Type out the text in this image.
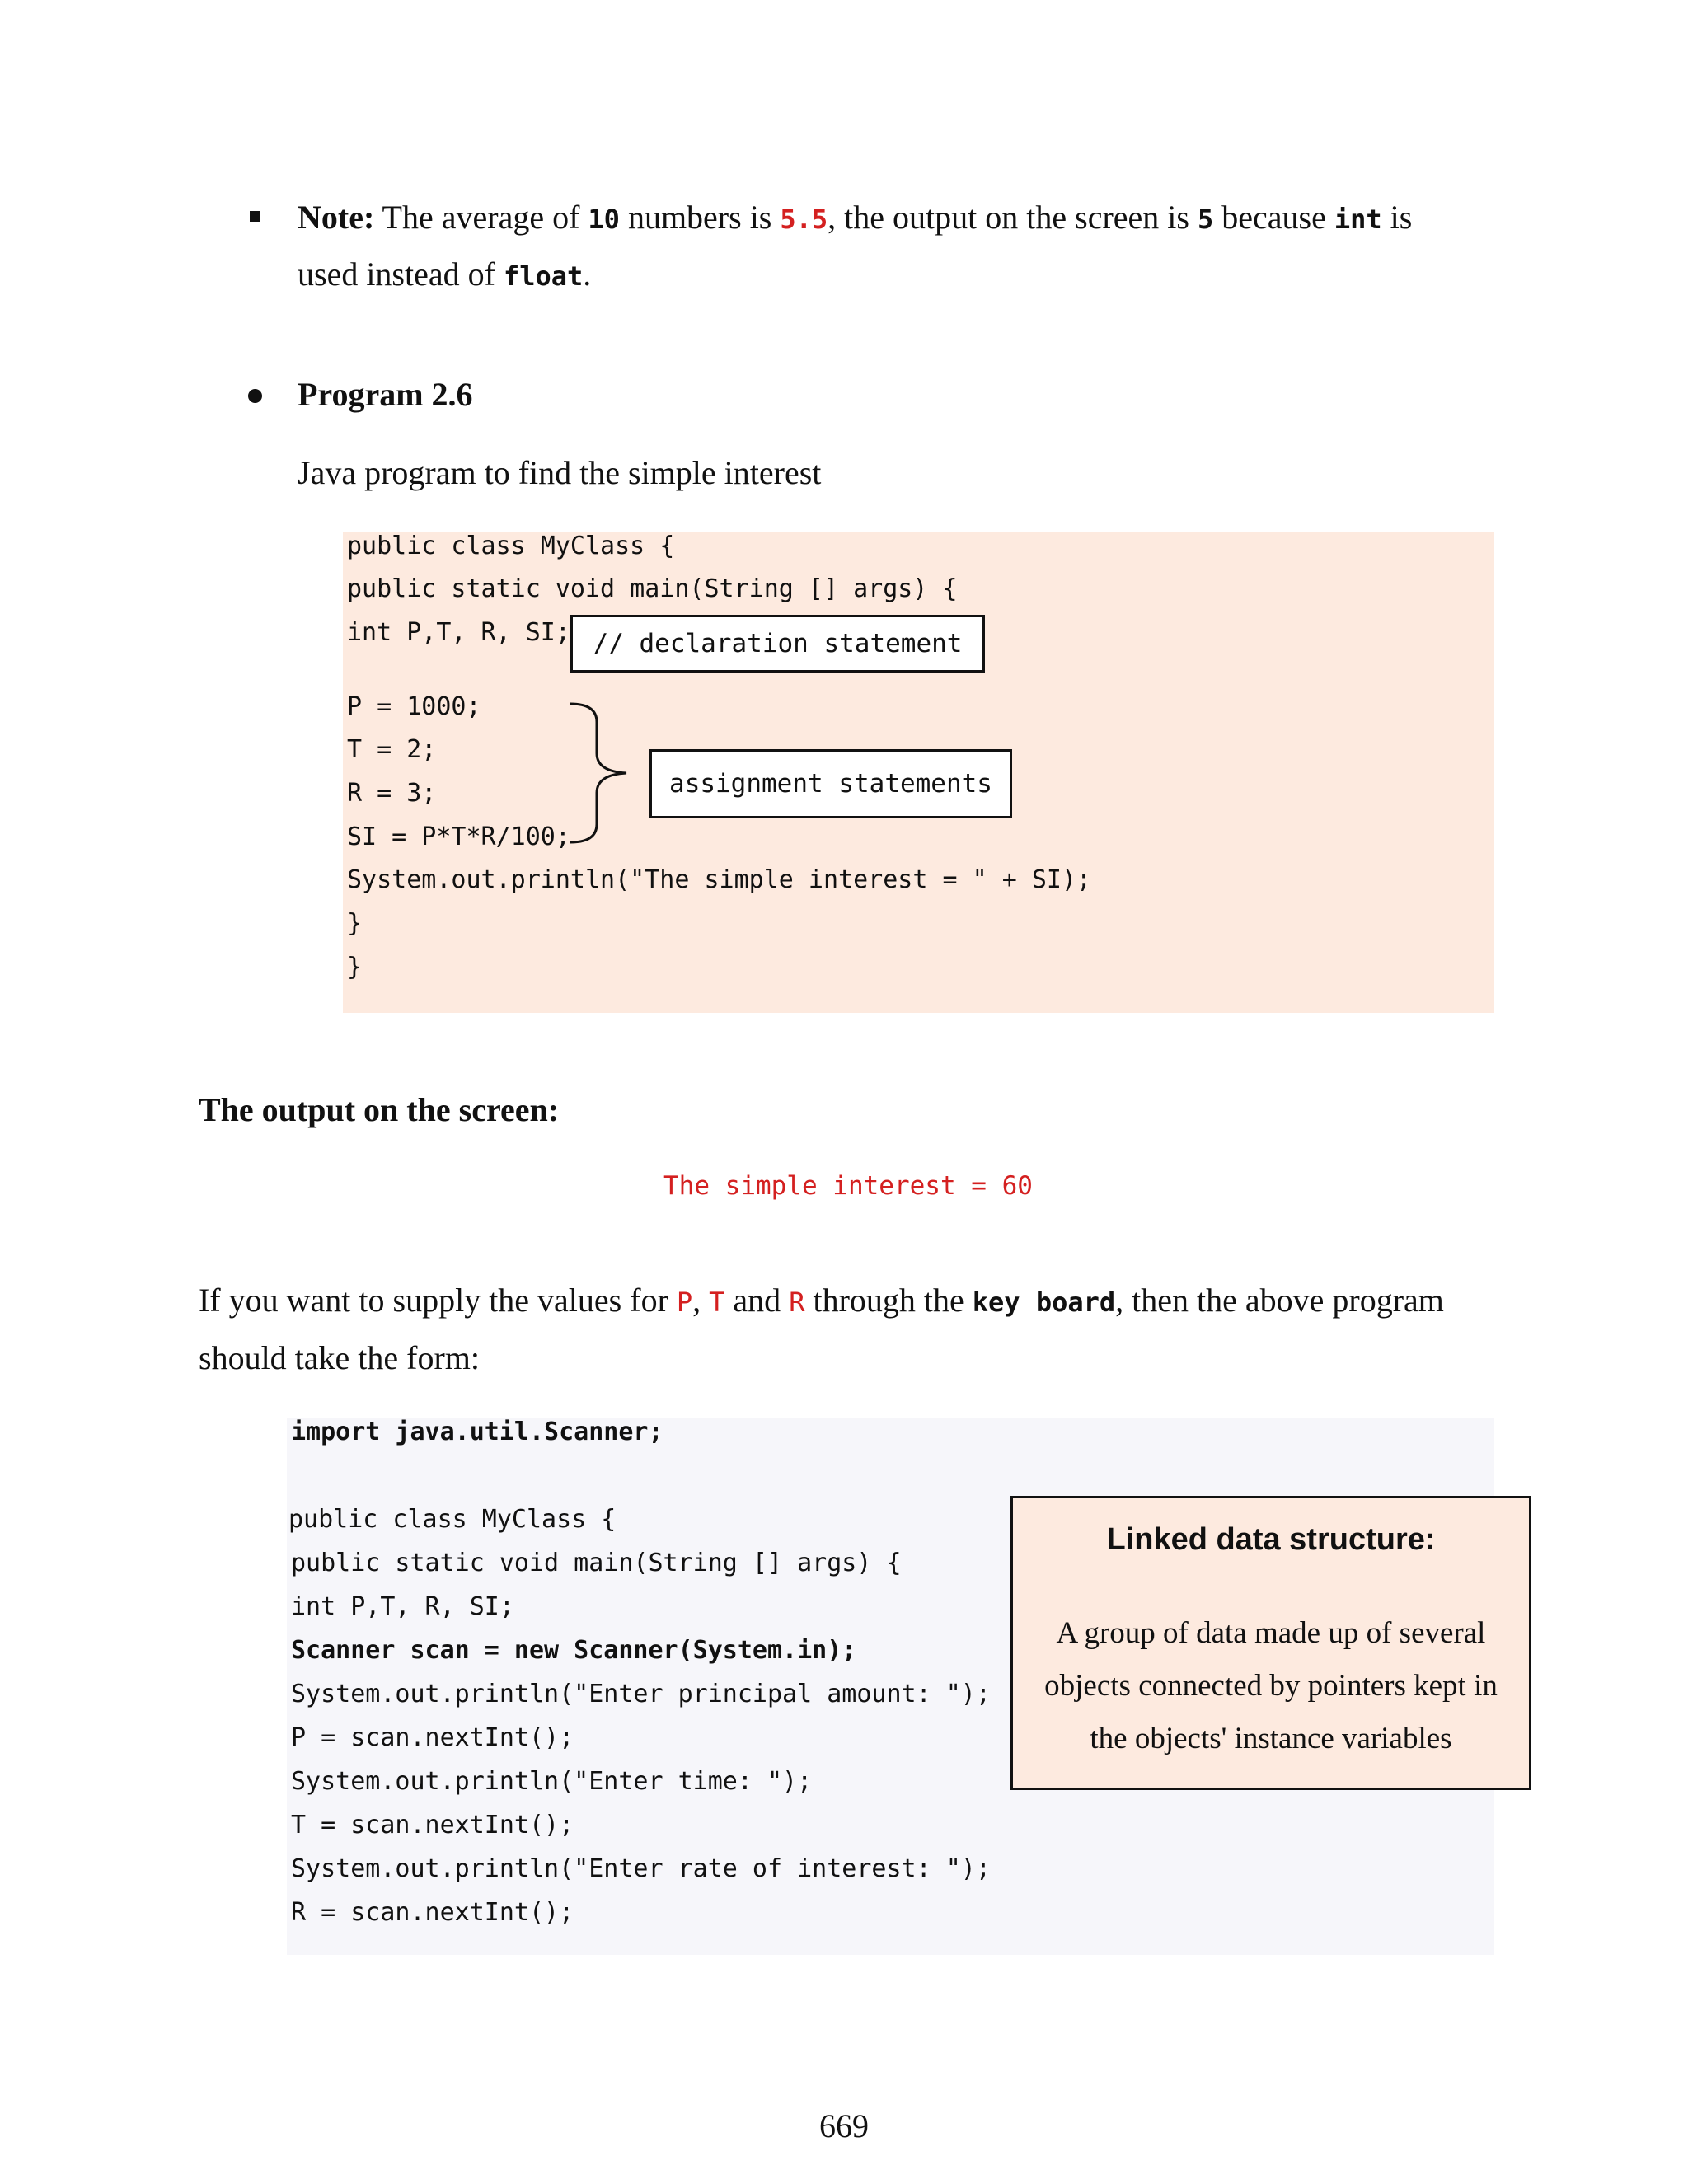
Note: The average of 10 numbers is 5.5, the output on the screen is 5 because int is
used instead of float.
Program 2.6
Java program to find the simple interest
public class MyClass {
public static void main(String [] args) {
int P,T, R, SI;
P = 1000;
T = 2;
R = 3;
SI = P*T*R/100;
System.out.println("The simple interest = " + SI);
}
}
// declaration statement
assignment statements
The output on the screen:
The simple interest = 60
If you want to supply the values for P, T and R through the key board, then the above program
should take the form:
import java.util.Scanner;
public class MyClass {
public static void main(String [] args) {
int P,T, R, SI;
Scanner scan = new Scanner(System.in);
System.out.println("Enter principal amount: ");
P = scan.nextInt();
System.out.println("Enter time: ");
T = scan.nextInt();
System.out.println("Enter rate of interest: ");
R = scan.nextInt();
Linked data structure:
A group of data made up of several objects connected by pointers kept in the objects' instance variables
669
